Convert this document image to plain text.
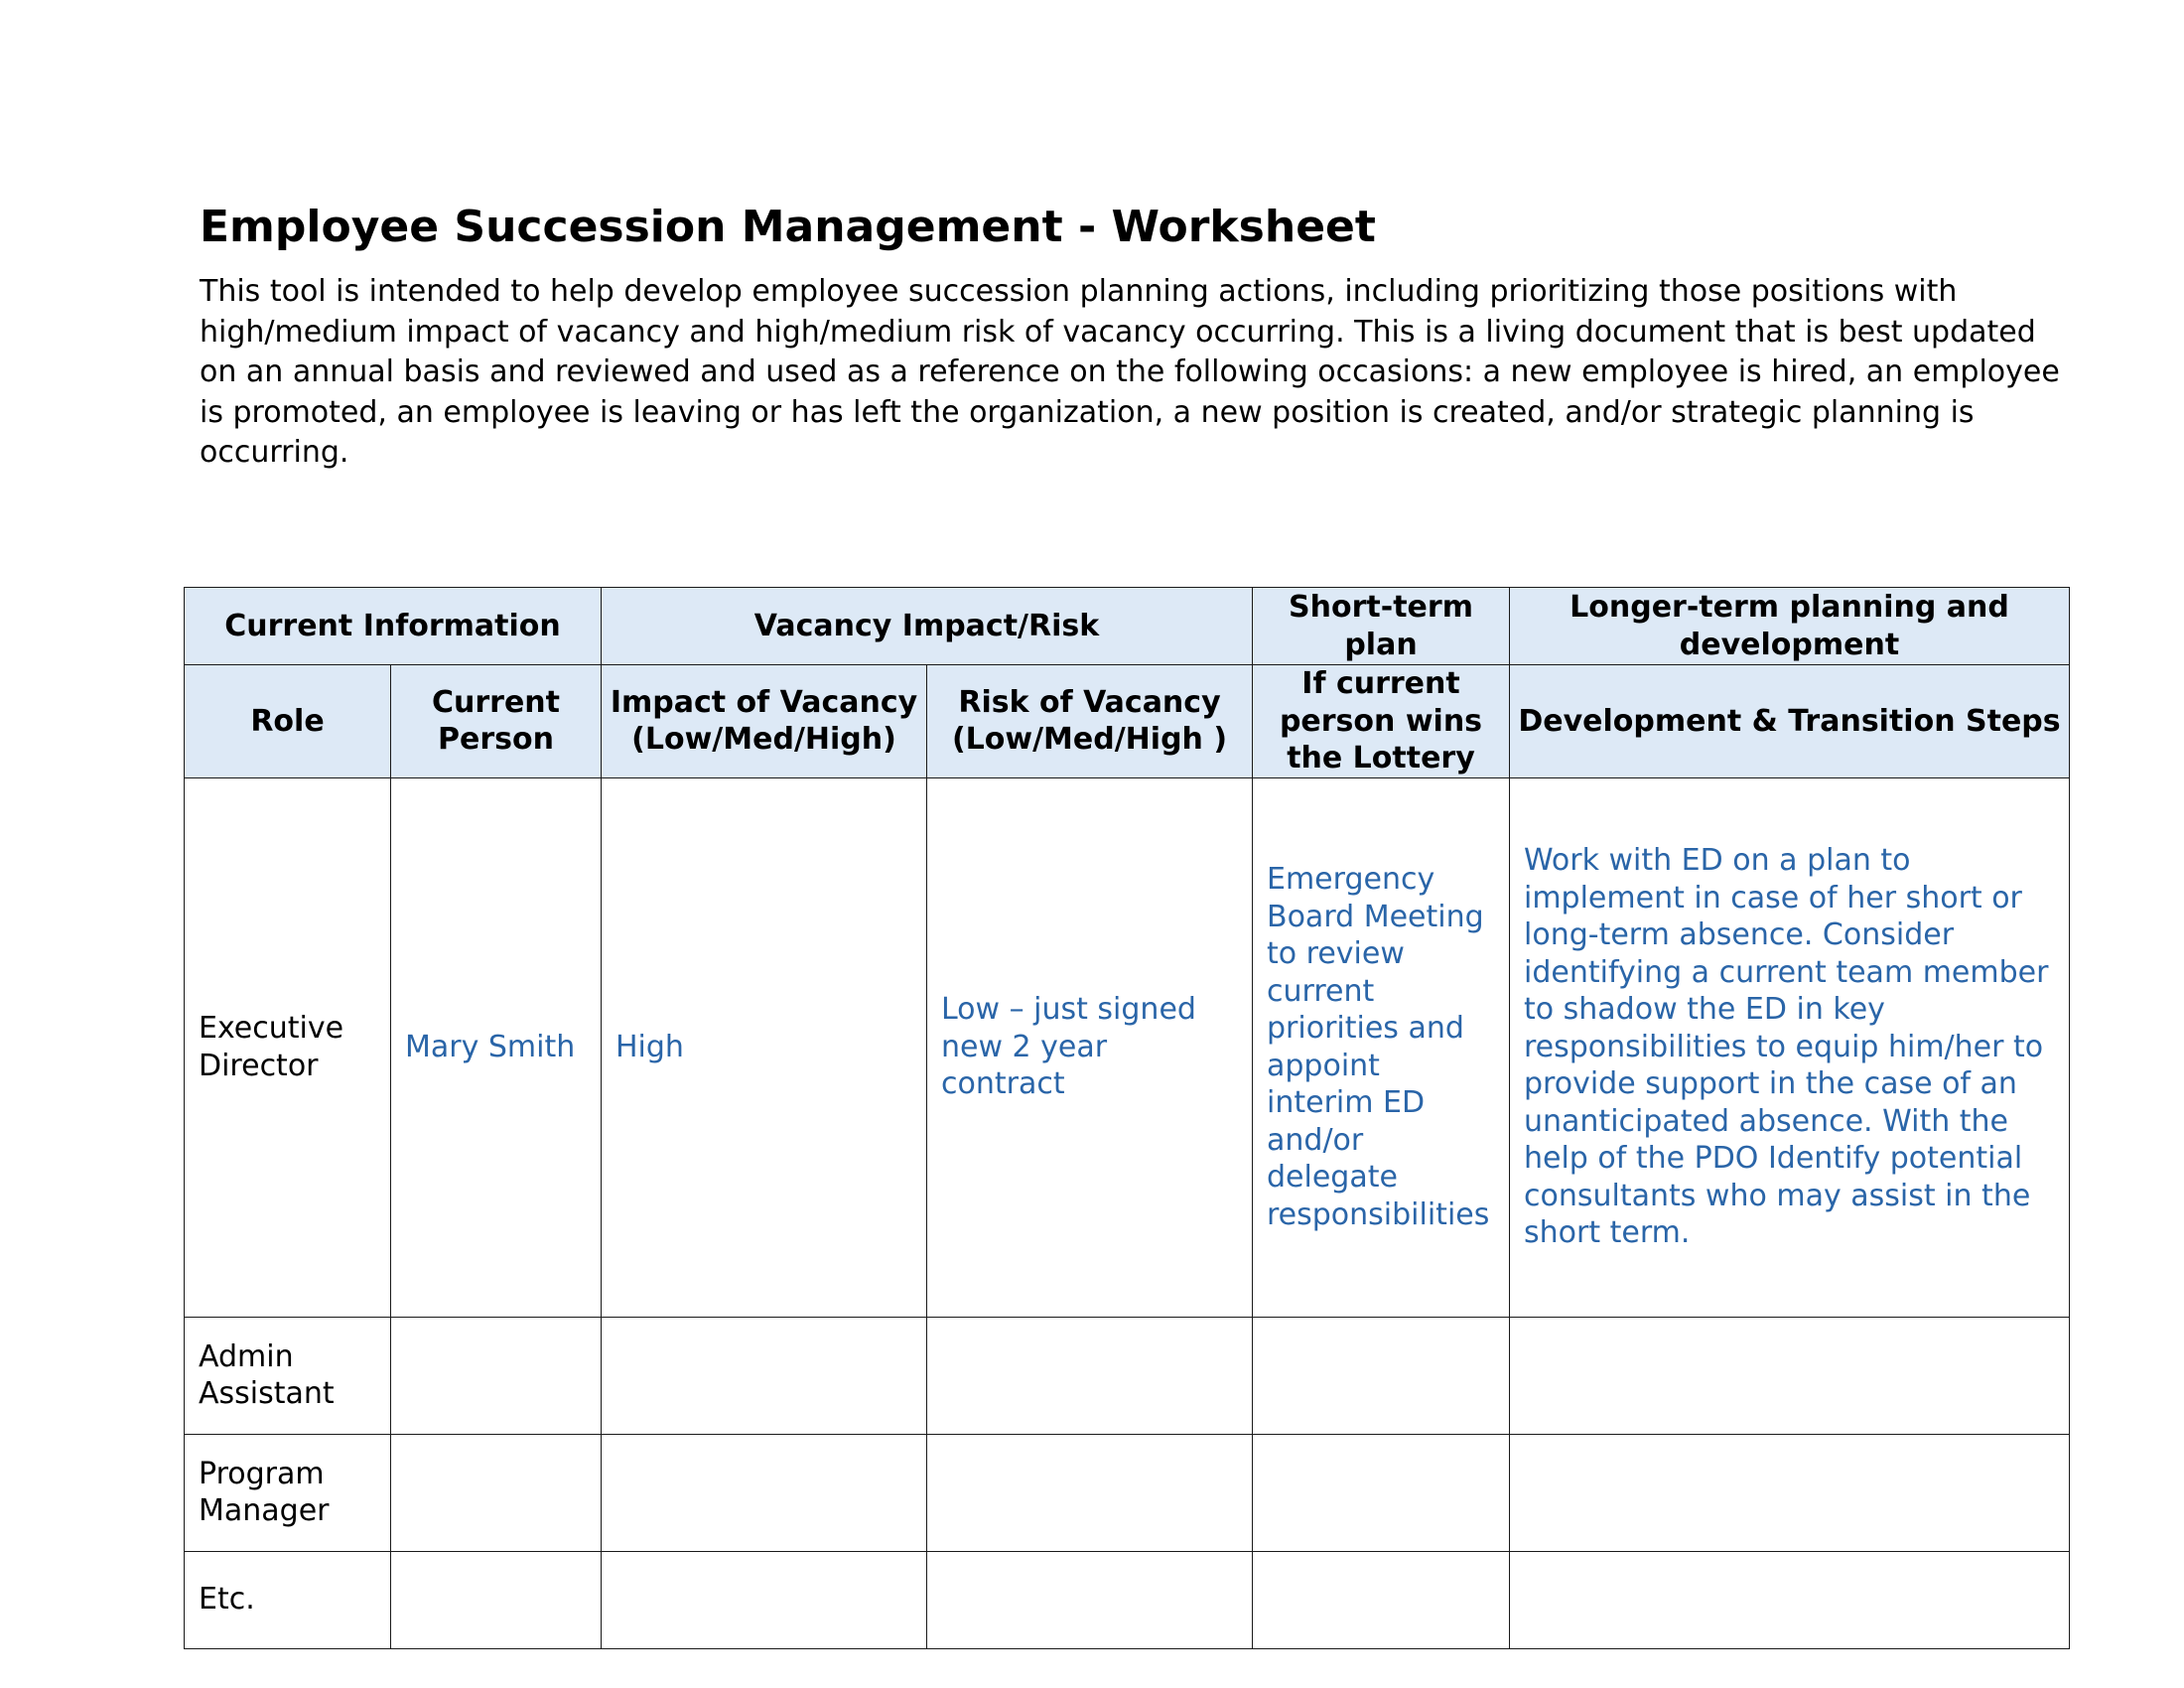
Employee Succession Management - Worksheet

This tool is intended to help develop employee succession planning actions, including prioritizing those positions with high/medium impact of vacancy and high/medium risk of vacancy occurring. This is a living document that is best updated on an annual basis and reviewed and used as a reference on the following occasions: a new employee is hired, an employee is promoted, an employee is leaving or has left the organization, a new position is created, and/or strategic planning is occurring.

Current Information		Vacancy Impact/Risk		Short-term plan	Longer-term planning and development
Role	Current Person	Impact of Vacancy (Low/Med/High)	Risk of Vacancy (Low/Med/High )	If current person wins the Lottery	Development & Transition Steps
Executive Director	Mary Smith	High	Low – just signed new 2 year contract	Emergency Board Meeting to review current priorities and appoint interim ED and/or delegate responsibilities	Work with ED on a plan to implement in case of her short or long-term absence. Consider identifying a current team member to shadow the ED in key responsibilities to equip him/her to provide support in the case of an unanticipated absence. With the help of the PDO Identify potential consultants who may assist in the short term.
Admin Assistant					
Program Manager					
Etc.					
